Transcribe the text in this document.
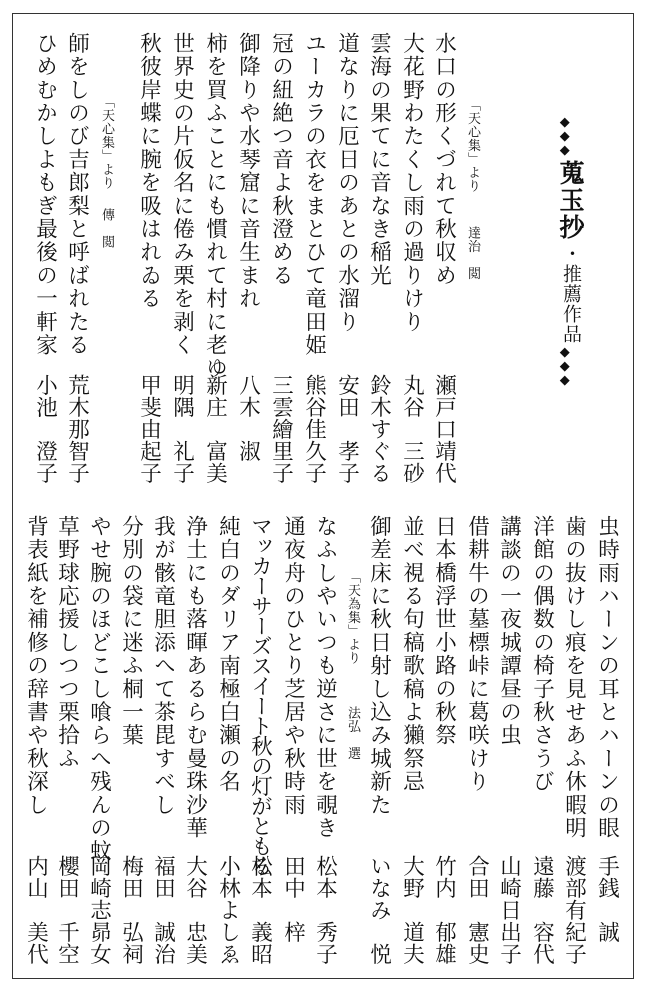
◆◆◆
蒐玉抄
・推薦作品
◆◆◆
「天心集」より
達治　閲
「天心集」より
傳　閲	水口の形くづれて秋収め
瀬戸口靖代
大花野わたくし雨の過りけり
丸谷　三砂
雲海の果てに音なき稲光
鈴木すぐる
道なりに厄日のあとの水溜り
安田　孝子
ユーカラの衣をまとひて竜田姫
熊谷佳久子
冠の紐絶つ音よ秋澄める
三雲繪里子
御降りや水琴窟に音生まれ
八木　淑
柿を買ふことにも慣れて村に老ゆ
新庄　富美
世界史の片仮名に倦み栗を剥く
明隅　礼子
秋彼岸蝶に腕を吸はれゐる
甲斐由起子
師をしのび吉郎梨と呼ばれたる
荒木那智子
ひめむかしよもぎ最後の一軒家
小池　澄子
「天為集」より
法弘　選	虫時雨ハーンの耳とハーンの眼
手銭　誠
歯の抜けし痕を見せあふ休暇明
渡部有紀子
洋館の偶数の椅子秋さうび
遠藤　容代
講談の一夜城譚昼の虫
山崎日出子
借耕牛の墓標峠に葛咲けり
合田　憲史
日本橋浮世小路の秋祭
竹内　郁雄
並べ視る句稿歌稿よ獺祭忌
大野　道夫
御差床に秋日射し込み城新た
いなみ　悦
なふしやいつも逆さに世を覗き
松本　秀子
通夜舟のひとり芝居や秋時雨
田中　梓
マッカーサーズスイート秋の灯がともる
松本　義昭
純白のダリア南極白瀬の名
小林よしゑ
浄土にも落暉あるらむ曼珠沙華
大谷　忠美
我が骸竜胆添へて茶毘すべし
福田　誠治
分別の袋に迷ふ桐一葉
梅田　弘祠
やせ腕のほどこし喰らへ残んの蚊
岡崎志昴女
草野球応援しつつ栗拾ふ
櫻田　千空
背表紙を補修の辞書や秋深し
内山　美代
